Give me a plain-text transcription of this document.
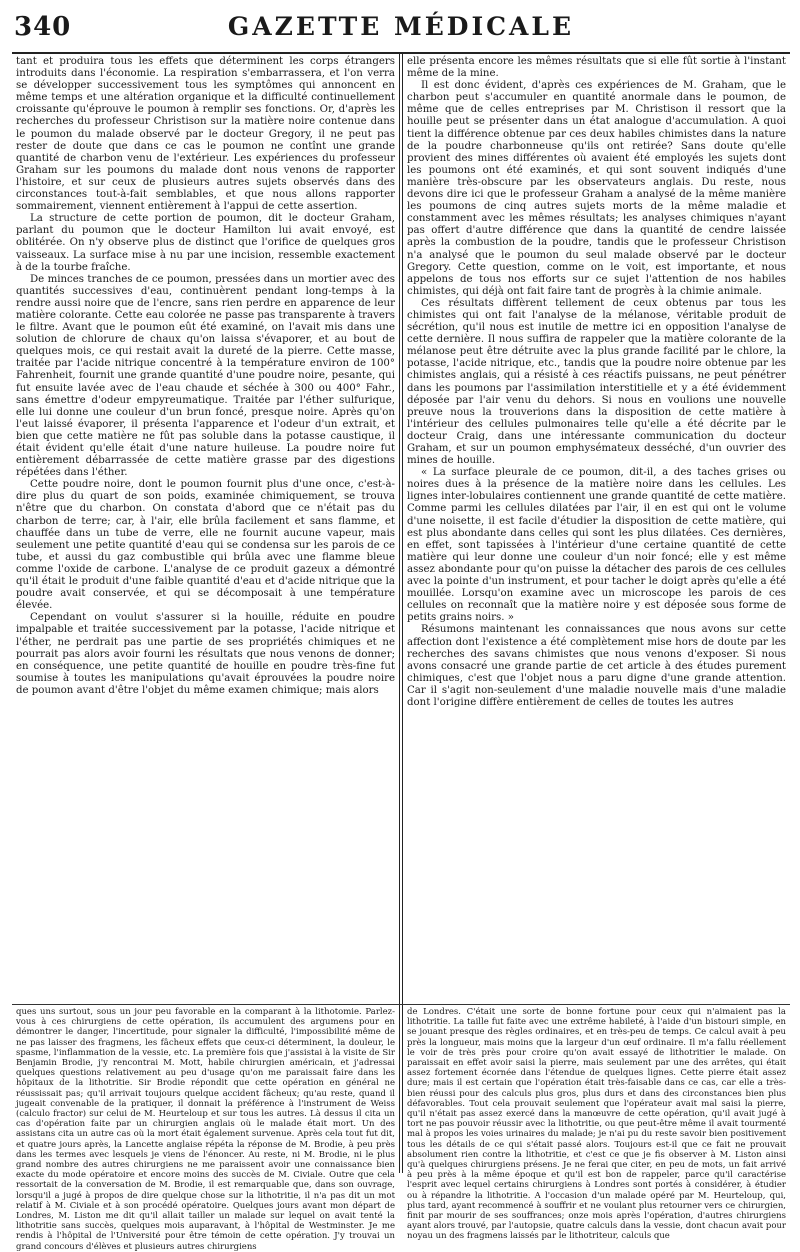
340	GAZETTE MÉDICALE

tant et produira tous les effets que déterminent les corps étrangers introduits dans l'économie. La respiration s'embarrassera, et l'on verra se développer successivement tous les symptômes qui annoncent en même temps et une altération organique et la difficulté continuellement croissante qu'éprouve le poumon à remplir ses fonctions. Or, d'après les recherches du professeur Christison sur la matière noire contenue dans le poumon du malade observé par le docteur Gregory, il ne peut pas rester de doute que dans ce cas le poumon ne contînt une grande quantité de charbon venu de l'extérieur. Les expériences du professeur Graham sur les poumons du malade dont nous venons de rapporter l'histoire, et sur ceux de plusieurs autres sujets observés dans des circonstances tout-à-fait semblables, et que nous allons rapporter sommairement, viennent entièrement à l'appui de cette assertion.

La structure de cette portion de poumon, dit le docteur Graham, parlant du poumon que le docteur Hamilton lui avait envoyé, est oblitérée. On n'y observe plus de distinct que l'orifice de quelques gros vaisseaux. La surface mise à nu par une incision, ressemble exactement à de la tourbe fraîche.

De minces tranches de ce poumon, pressées dans un mortier avec des quantités successives d'eau, continuèrent pendant long-temps à la rendre aussi noire que de l'encre, sans rien perdre en apparence de leur matière colorante. Cette eau colorée ne passe pas transparente à travers le filtre. Avant que le poumon eût été examiné, on l'avait mis dans une solution de chlorure de chaux qu'on laissa s'évaporer, et au bout de quelques mois, ce qui restait avait la dureté de la pierre. Cette masse, traitée par l'acide nitrique concentré à la température environ de 100° Fahrenheit, fournit une grande quantité d'une poudre noire, pesante, qui fut ensuite lavée avec de l'eau chaude et séchée à 300 ou 400° Fahr., sans émettre d'odeur empyreumatique. Traitée par l'éther sulfurique, elle lui donne une couleur d'un brun foncé, presque noire. Après qu'on l'eut laissé évaporer, il présenta l'apparence et l'odeur d'un extrait, et bien que cette matière ne fût pas soluble dans la potasse caustique, il était évident qu'elle était d'une nature huileuse. La poudre noire fut entièrement débarrassée de cette matière grasse par des digestions répétées dans l'éther.

Cette poudre noire, dont le poumon fournit plus d'une once, c'est-à-dire plus du quart de son poids, examinée chimiquement, se trouva n'être que du charbon. On constata d'abord que ce n'était pas du charbon de terre; car, à l'air, elle brûla facilement et sans flamme, et chauffée dans un tube de verre, elle ne fournit aucune vapeur, mais seulement une petite quantité d'eau qui se condensa sur les parois de ce tube, et aussi du gaz combustible qui brûla avec une flamme bleue comme l'oxide de carbone. L'analyse de ce produit gazeux a démontré qu'il était le produit d'une faible quantité d'eau et d'acide nitrique que la poudre avait conservée, et qui se décomposait à une température élevée.

Cependant on voulut s'assurer si la houille, réduite en poudre impalpable et traitée successivement par la potasse, l'acide nitrique et l'éther, ne perdrait pas une partie de ses propriétés chimiques et ne pourrait pas alors avoir fourni les résultats que nous venons de donner; en conséquence, une petite quantité de houille en poudre très-fine fut soumise à toutes les manipulations qu'avait éprouvées la poudre noire de poumon avant d'être l'objet du même examen chimique; mais alors

elle présenta encore les mêmes résultats que si elle fût sortie à l'instant même de la mine.

Il est donc évident, d'après ces expériences de M. Graham, que le charbon peut s'accumuler en quantité anormale dans le poumon, de même que de celles entreprises par M. Christison il ressort que la houille peut se présenter dans un état analogue d'accumulation. A quoi tient la différence obtenue par ces deux habiles chimistes dans la nature de la poudre charbonneuse qu'ils ont retirée? Sans doute qu'elle provient des mines différentes où avaient été employés les sujets dont les poumons ont été examinés, et qui sont souvent indiqués d'une manière très-obscure par les observateurs anglais. Du reste, nous devons dire ici que le professeur Graham a analysé de la même manière les poumons de cinq autres sujets morts de la même maladie et constamment avec les mêmes résultats; les analyses chimiques n'ayant pas offert d'autre différence que dans la quantité de cendre laissée après la combustion de la poudre, tandis que le professeur Christison n'a analysé que le poumon du seul malade observé par le docteur Gregory. Cette question, comme on le voit, est importante, et nous appelons de tous nos efforts sur ce sujet l'attention de nos habiles chimistes, qui déjà ont fait faire tant de progrès à la chimie animale.

Ces résultats diffèrent tellement de ceux obtenus par tous les chimistes qui ont fait l'analyse de la mélanose, véritable produit de sécrétion, qu'il nous est inutile de mettre ici en opposition l'analyse de cette dernière. Il nous suffira de rappeler que la matière colorante de la mélanose peut être détruite avec la plus grande facilité par le chlore, la potasse, l'acide nitrique, etc., tandis que la poudre noire obtenue par les chimistes anglais, qui a résisté à ces réactifs puissans, ne peut pénétrer dans les poumons par l'assimilation interstitielle et y a été évidemment déposée par l'air venu du dehors. Si nous en voulions une nouvelle preuve nous la trouverions dans la disposition de cette matière à l'intérieur des cellules pulmonaires telle qu'elle a été décrite par le docteur Craig, dans une intéressante communication du docteur Graham, et sur un poumon emphysémateux desséché, d'un ouvrier des mines de houille.

« La surface pleurale de ce poumon, dit-il, a des taches grises ou noires dues à la présence de la matière noire dans les cellules. Les lignes inter-lobulaires contiennent une grande quantité de cette matière. Comme parmi les cellules dilatées par l'air, il en est qui ont le volume d'une noisette, il est facile d'étudier la disposition de cette matière, qui est plus abondante dans celles qui sont les plus dilatées. Ces dernières, en effet, sont tapissées à l'intérieur d'une certaine quantité de cette matière qui leur donne une couleur d'un noir foncé; elle y est même assez abondante pour qu'on puisse la détacher des parois de ces cellules avec la pointe d'un instrument, et pour tacher le doigt après qu'elle a été mouillée. Lorsqu'on examine avec un microscope les parois de ces cellules on reconnaît que la matière noire y est déposée sous forme de petits grains noirs. »

Résumons maintenant les connaissances que nous avons sur cette affection dont l'existence a été complètement mise hors de doute par les recherches des savans chimistes que nous venons d'exposer. Si nous avons consacré une grande partie de cet article à des études purement chimiques, c'est que l'objet nous a paru digne d'une grande attention. Car il s'agit non-seulement d'une maladie nouvelle mais d'une maladie dont l'origine diffère entièrement de celles de toutes les autres

ques uns surtout, sous un jour peu favorable en la comparant à la lithotomie. Parlez-vous à ces chirurgiens de cette opération, ils accumulent des argumens pour en démontrer le danger, l'incertitude, pour signaler la difficulté, l'impossibilité même de ne pas laisser des fragmens, les fâcheux effets que ceux-ci déterminent, la douleur, le spasme, l'inflammation de la vessie, etc. La première fois que j'assistai à la visite de Sir Benjamin Brodie, j'y rencontrai M. Mott, habile chirurgien américain, et j'adressai quelques questions relativement au peu d'usage qu'on me paraissait faire dans les hôpitaux de la lithotritie. Sir Brodie répondit que cette opération en général ne réussissait pas; qu'il arrivait toujours quelque accident fâcheux; qu'au reste, quand il jugeait convenable de la pratiquer, il donnait la préférence à l'instrument de Weiss (calculo fractor) sur celui de M. Heurteloup et sur tous les autres. Là dessus il cita un cas d'opération faite par un chirurgien anglais où le malade était mort. Un des assistans cita un autre cas où la mort était également survenue. Après cela tout fut dit, et quatre jours après, la Lancette anglaise répéta la réponse de M. Brodie, à peu près dans les termes avec lesquels je viens de l'énoncer. Au reste, ni M. Brodie, ni le plus grand nombre des autres chirurgiens ne me paraissent avoir une connaissance bien exacte du mode opératoire et encore moins des succès de M. Civiale. Outre que cela ressortait de la conversation de M. Brodie, il est remarquable que, dans son ouvrage, lorsqu'il a jugé à propos de dire quelque chose sur la lithotritie, il n'a pas dit un mot relatif à M. Civiale et à son procédé opératoire. Quelques jours avant mon départ de Londres, M. Liston me dit qu'il allait tailler un malade sur lequel on avait tenté la lithotritie sans succès, quelques mois auparavant, à l'hôpital de Westminster. Je me rendis à l'hôpital de l'Université pour être témoin de cette opération. J'y trouvai un grand concours d'élèves et plusieurs autres chirurgiens

de Londres. C'était une sorte de bonne fortune pour ceux qui n'aimaient pas la lithotritie. La taille fut faite avec une extrême habileté, à l'aide d'un bistouri simple, en se jouant presque des règles ordinaires, et en très-peu de temps. Ce calcul avait à peu près la longueur, mais moins que la largeur d'un œuf ordinaire. Il m'a fallu réellement le voir de très près pour croire qu'on avait essayé de lithotritier le malade. On paraissait en effet avoir saisi la pierre, mais seulement par une des arrêtes, qui était assez fortement écornée dans l'étendue de quelques lignes. Cette pierre était assez dure; mais il est certain que l'opération était très-faisable dans ce cas, car elle a très-bien réussi pour des calculs plus gros, plus durs et dans des circonstances bien plus défavorables. Tout cela prouvait seulement que l'opérateur avait mal saisi la pierre, qu'il n'était pas assez exercé dans la manœuvre de cette opération, qu'il avait jugé à tort ne pas pouvoir réussir avec la lithotritie, ou que peut-être même il avait tourmenté mal à propos les voies urinaires du malade; je n'ai pu du reste savoir bien positivement tous les détails de ce qui s'était passé alors. Toujours est-il que ce fait ne prouvait absolument rien contre la lithotritie, et c'est ce que je fis observer à M. Liston ainsi qu'à quelques chirurgiens présens. Je ne ferai que citer, en peu de mots, un fait arrivé à peu près à la même époque et qu'il est bon de rappeler, parce qu'il caractérise l'esprit avec lequel certains chirurgiens à Londres sont portés à considérer, à étudier ou à répandre la lithotritie. A l'occasion d'un malade opéré par M. Heurteloup, qui, plus tard, ayant recommencé à souffrir et ne voulant plus retourner vers ce chirurgien, finit par mourir de ses souffrances; onze mois après l'opération, d'autres chirurgiens ayant alors trouvé, par l'autopsie, quatre calculs dans la vessie, dont chacun avait pour noyau un des fragmens laissés par le lithotriteur, calculs que
